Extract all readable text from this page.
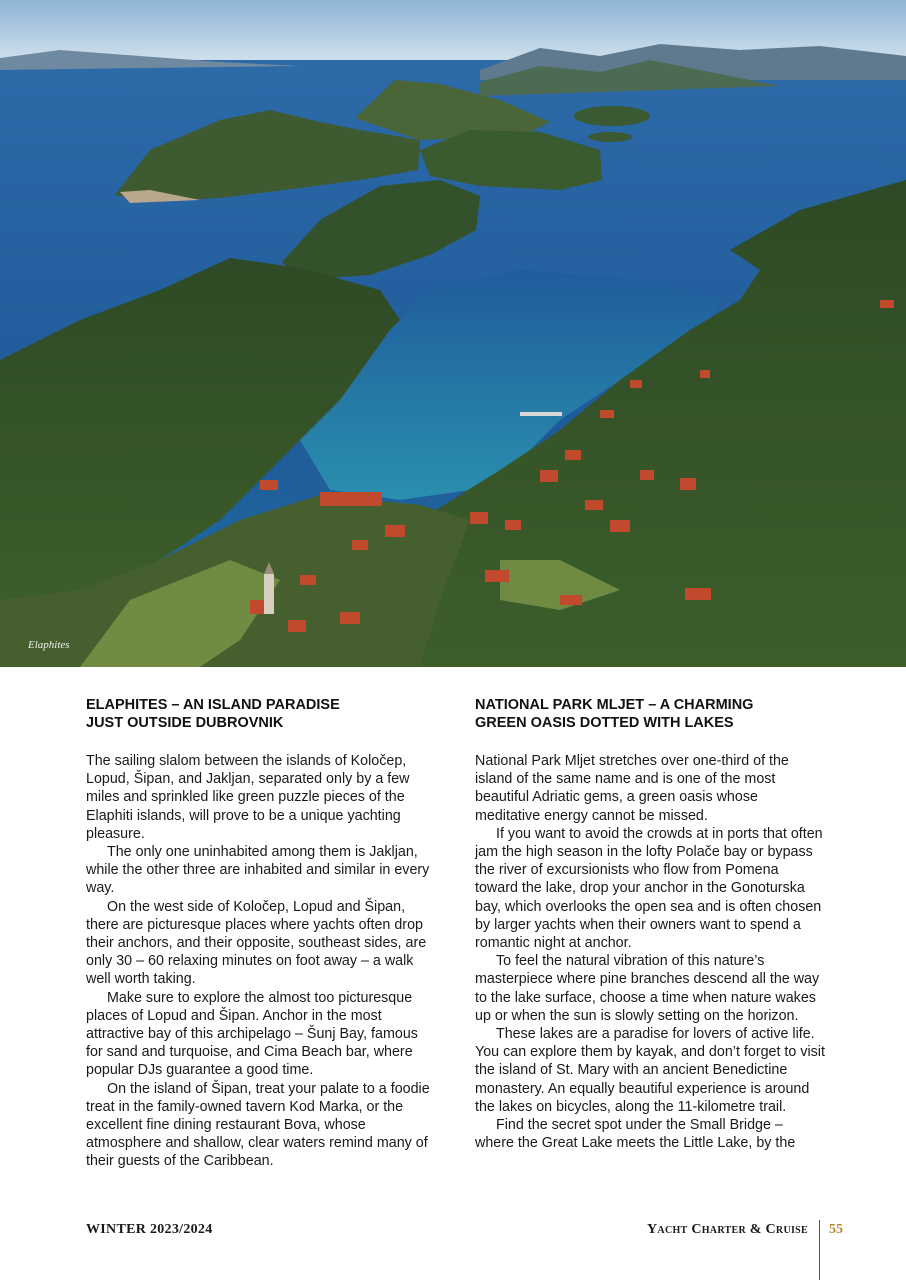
Elaphites
ELAPHITES – AN ISLAND PARADISE
JUST OUTSIDE DUBROVNIK

The sailing slalom between the islands of Koločep, Lopud, Šipan, and Jakljan, separated only by a few miles and sprinkled like green puzzle pieces of the Elaphiti islands, will prove to be a unique yachting pleasure.

The only one uninhabited among them is Jakljan, while the other three are inhabited and similar in every way.

On the west side of Koločep, Lopud and Šipan, there are picturesque places where yachts often drop their anchors, and their opposite, southeast sides, are only 30 – 60 relaxing minutes on foot away – a walk well worth taking.

Make sure to explore the almost too picturesque places of Lopud and Šipan. Anchor in the most attractive bay of this archipelago – Šunj Bay, famous for sand and turquoise, and Cima Beach bar, where popular DJs guarantee a good time.

On the island of Šipan, treat your palate to a foodie treat in the family-owned tavern Kod Marka, or the excellent fine dining restaurant Bova, whose atmosphere and shallow, clear waters remind many of their guests of the Caribbean.

NATIONAL PARK MLJET – A CHARMING
GREEN OASIS DOTTED WITH LAKES

National Park Mljet stretches over one-third of the island of the same name and is one of the most beautiful Adriatic gems, a green oasis whose meditative energy cannot be missed.

If you want to avoid the crowds at in ports that often jam the high season in the lofty Polače bay or bypass the river of excursionists who flow from Pomena toward the lake, drop your anchor in the Gonoturska bay, which overlooks the open sea and is often chosen by larger yachts when their owners want to spend a romantic night at anchor.

To feel the natural vibration of this nature’s masterpiece where pine branches descend all the way to the lake surface, choose a time when nature wakes up or when the sun is slowly setting on the horizon.

These lakes are a paradise for lovers of active life. You can explore them by kayak, and don’t forget to visit the island of St. Mary with an ancient Benedictine monastery. An equally beautiful experience is around the lakes on bicycles, along the 11-kilometre trail.

Find the secret spot under the Small Bridge – where the Great Lake meets the Little Lake, by the

WINTER 2023/2024	Yacht Charter & Cruise 55
